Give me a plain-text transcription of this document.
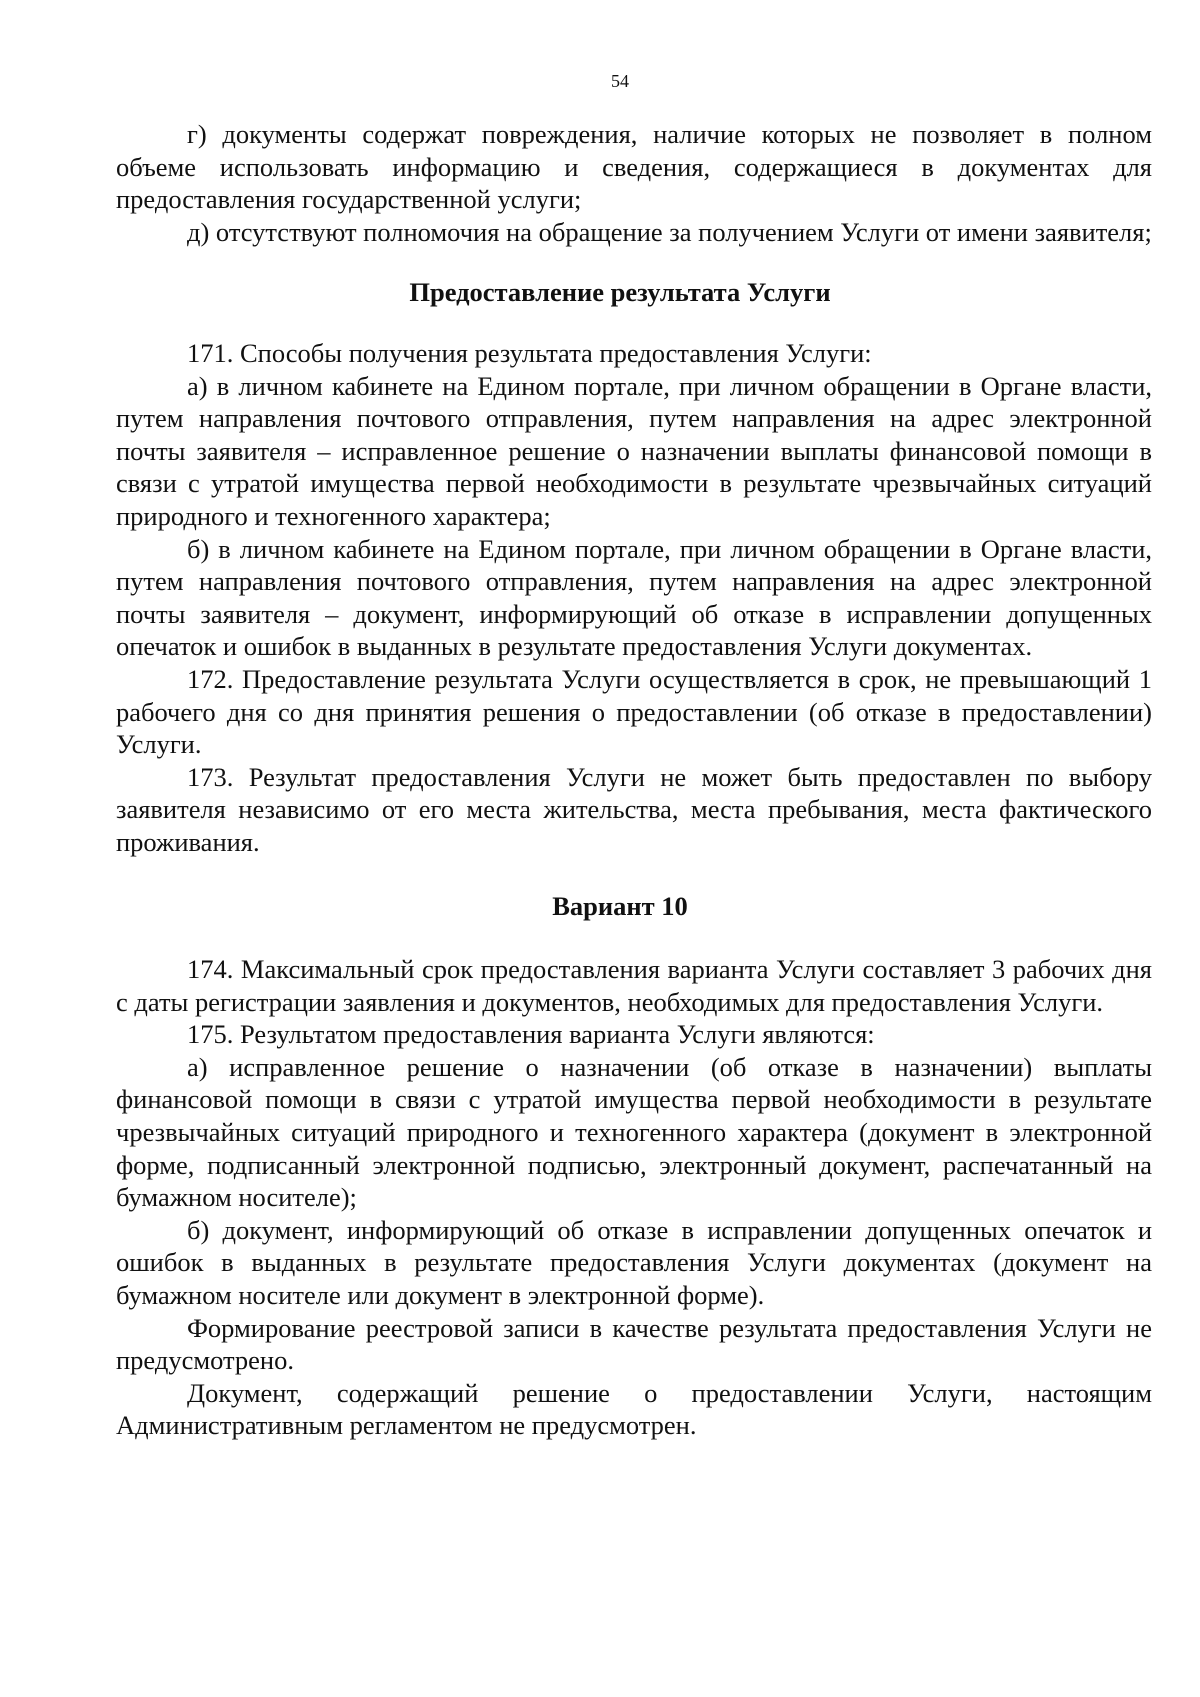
54

г) документы содержат повреждения, наличие которых не позволяет в полном объеме использовать информацию и сведения, содержащиеся в документах для предоставления государственной услуги;

д) отсутствуют полномочия на обращение за получением Услуги от имени заявителя;

Предоставление результата Услуги

171. Способы получения результата предоставления Услуги:

а) в личном кабинете на Едином портале, при личном обращении в Органе власти, путем направления почтового отправления, путем направления на адрес электронной почты заявителя – исправленное решение о назначении выплаты финансовой помощи в связи с утратой имущества первой необходимости в результате чрезвычайных ситуаций природного и техногенного характера;

б) в личном кабинете на Едином портале, при личном обращении в Органе власти, путем направления почтового отправления, путем направления на адрес электронной почты заявителя – документ, информирующий об отказе в исправлении допущенных опечаток и ошибок в выданных в результате предоставления Услуги документах.

172. Предоставление результата Услуги осуществляется в срок, не превышающий 1 рабочего дня со дня принятия решения о предоставлении (об отказе в предоставлении) Услуги.

173. Результат предоставления Услуги не может быть предоставлен по выбору заявителя независимо от его места жительства, места пребывания, места фактического проживания.

Вариант 10

174. Максимальный срок предоставления варианта Услуги составляет 3 рабочих дня с даты регистрации заявления и документов, необходимых для предоставления Услуги.

175. Результатом предоставления варианта Услуги являются:

а) исправленное решение о назначении (об отказе в назначении) выплаты финансовой помощи в связи с утратой имущества первой необходимости в результате чрезвычайных ситуаций природного и техногенного характера (документ в электронной форме, подписанный электронной подписью, электронный документ, распечатанный на бумажном носителе);

б) документ, информирующий об отказе в исправлении допущенных опечаток и ошибок в выданных в результате предоставления Услуги документах (документ на бумажном носителе или документ в электронной форме).

Формирование реестровой записи в качестве результата предоставления Услуги не предусмотрено.

Документ, содержащий решение о предоставлении Услуги, настоящим Административным регламентом не предусмотрен.
